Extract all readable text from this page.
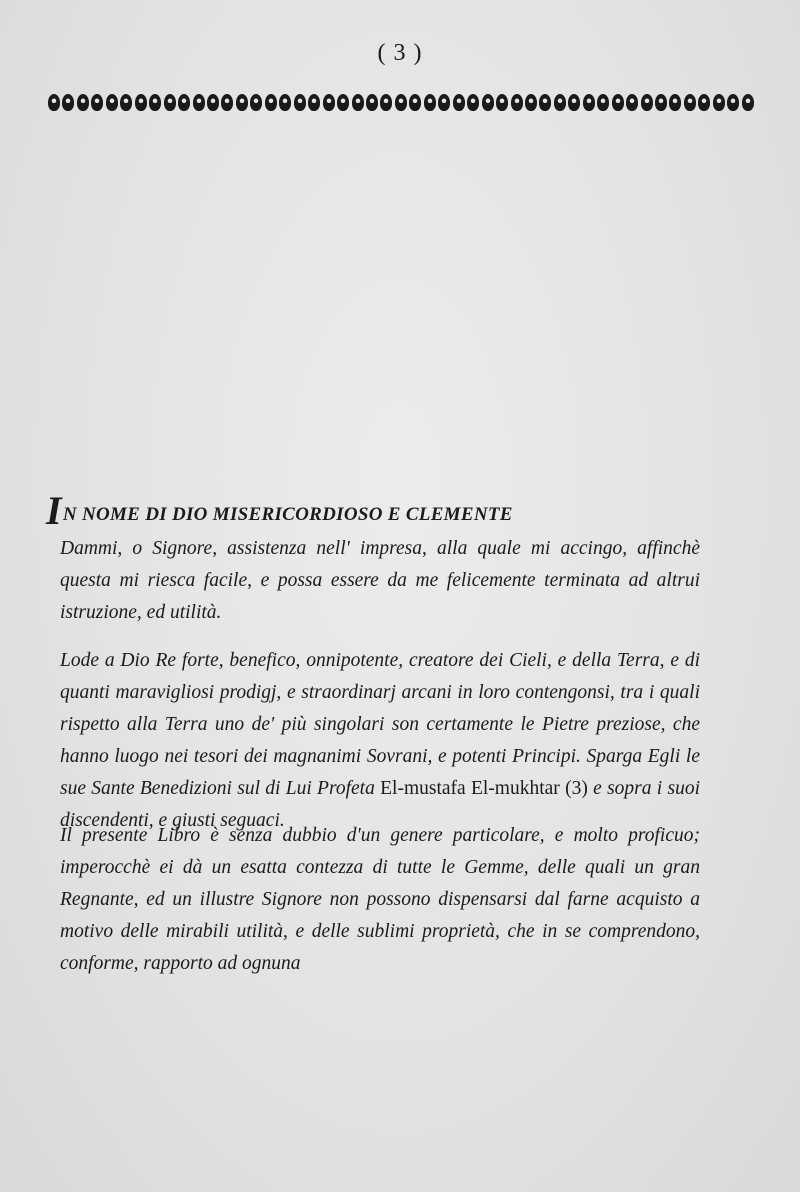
( 3 )
IN NOME DI DIO MISERICORDIOSO E CLEMENTE

Dammi, o Signore, assistenza nell' impresa, alla quale mi accingo, affinchè questa mi riesca facile, e possa essere da me felicemente terminata ad altrui istruzione, ed utilità.

Lode a Dio Re forte, benefico, onnipotente, creatore dei Cieli, e della Terra, e di quanti maravigliosi prodigj, e straordinarj arcani in loro contengonsi, tra i quali rispetto alla Terra uno de' più singolari son certamente le Pietre preziose, che hanno luogo nei tesori dei magnanimi Sovrani, e potenti Principi. Sparga Egli le sue Sante Benedizioni sul di Lui Profeta El-mustafa El-mukhtar (3) e sopra i suoi discendenti, e giusti seguaci.

Il presente Libro è senza dubbio d'un genere particolare, e molto proficuo; imperocchè ei dà un esatta contezza di tutte le Gemme, delle quali un gran Regnante, ed un illustre Signore non possono dispensarsi dal farne acquisto a motivo delle mirabili utilità, e delle sublimi proprietà, che in se comprendono, conforme, rapporto ad ognuna
